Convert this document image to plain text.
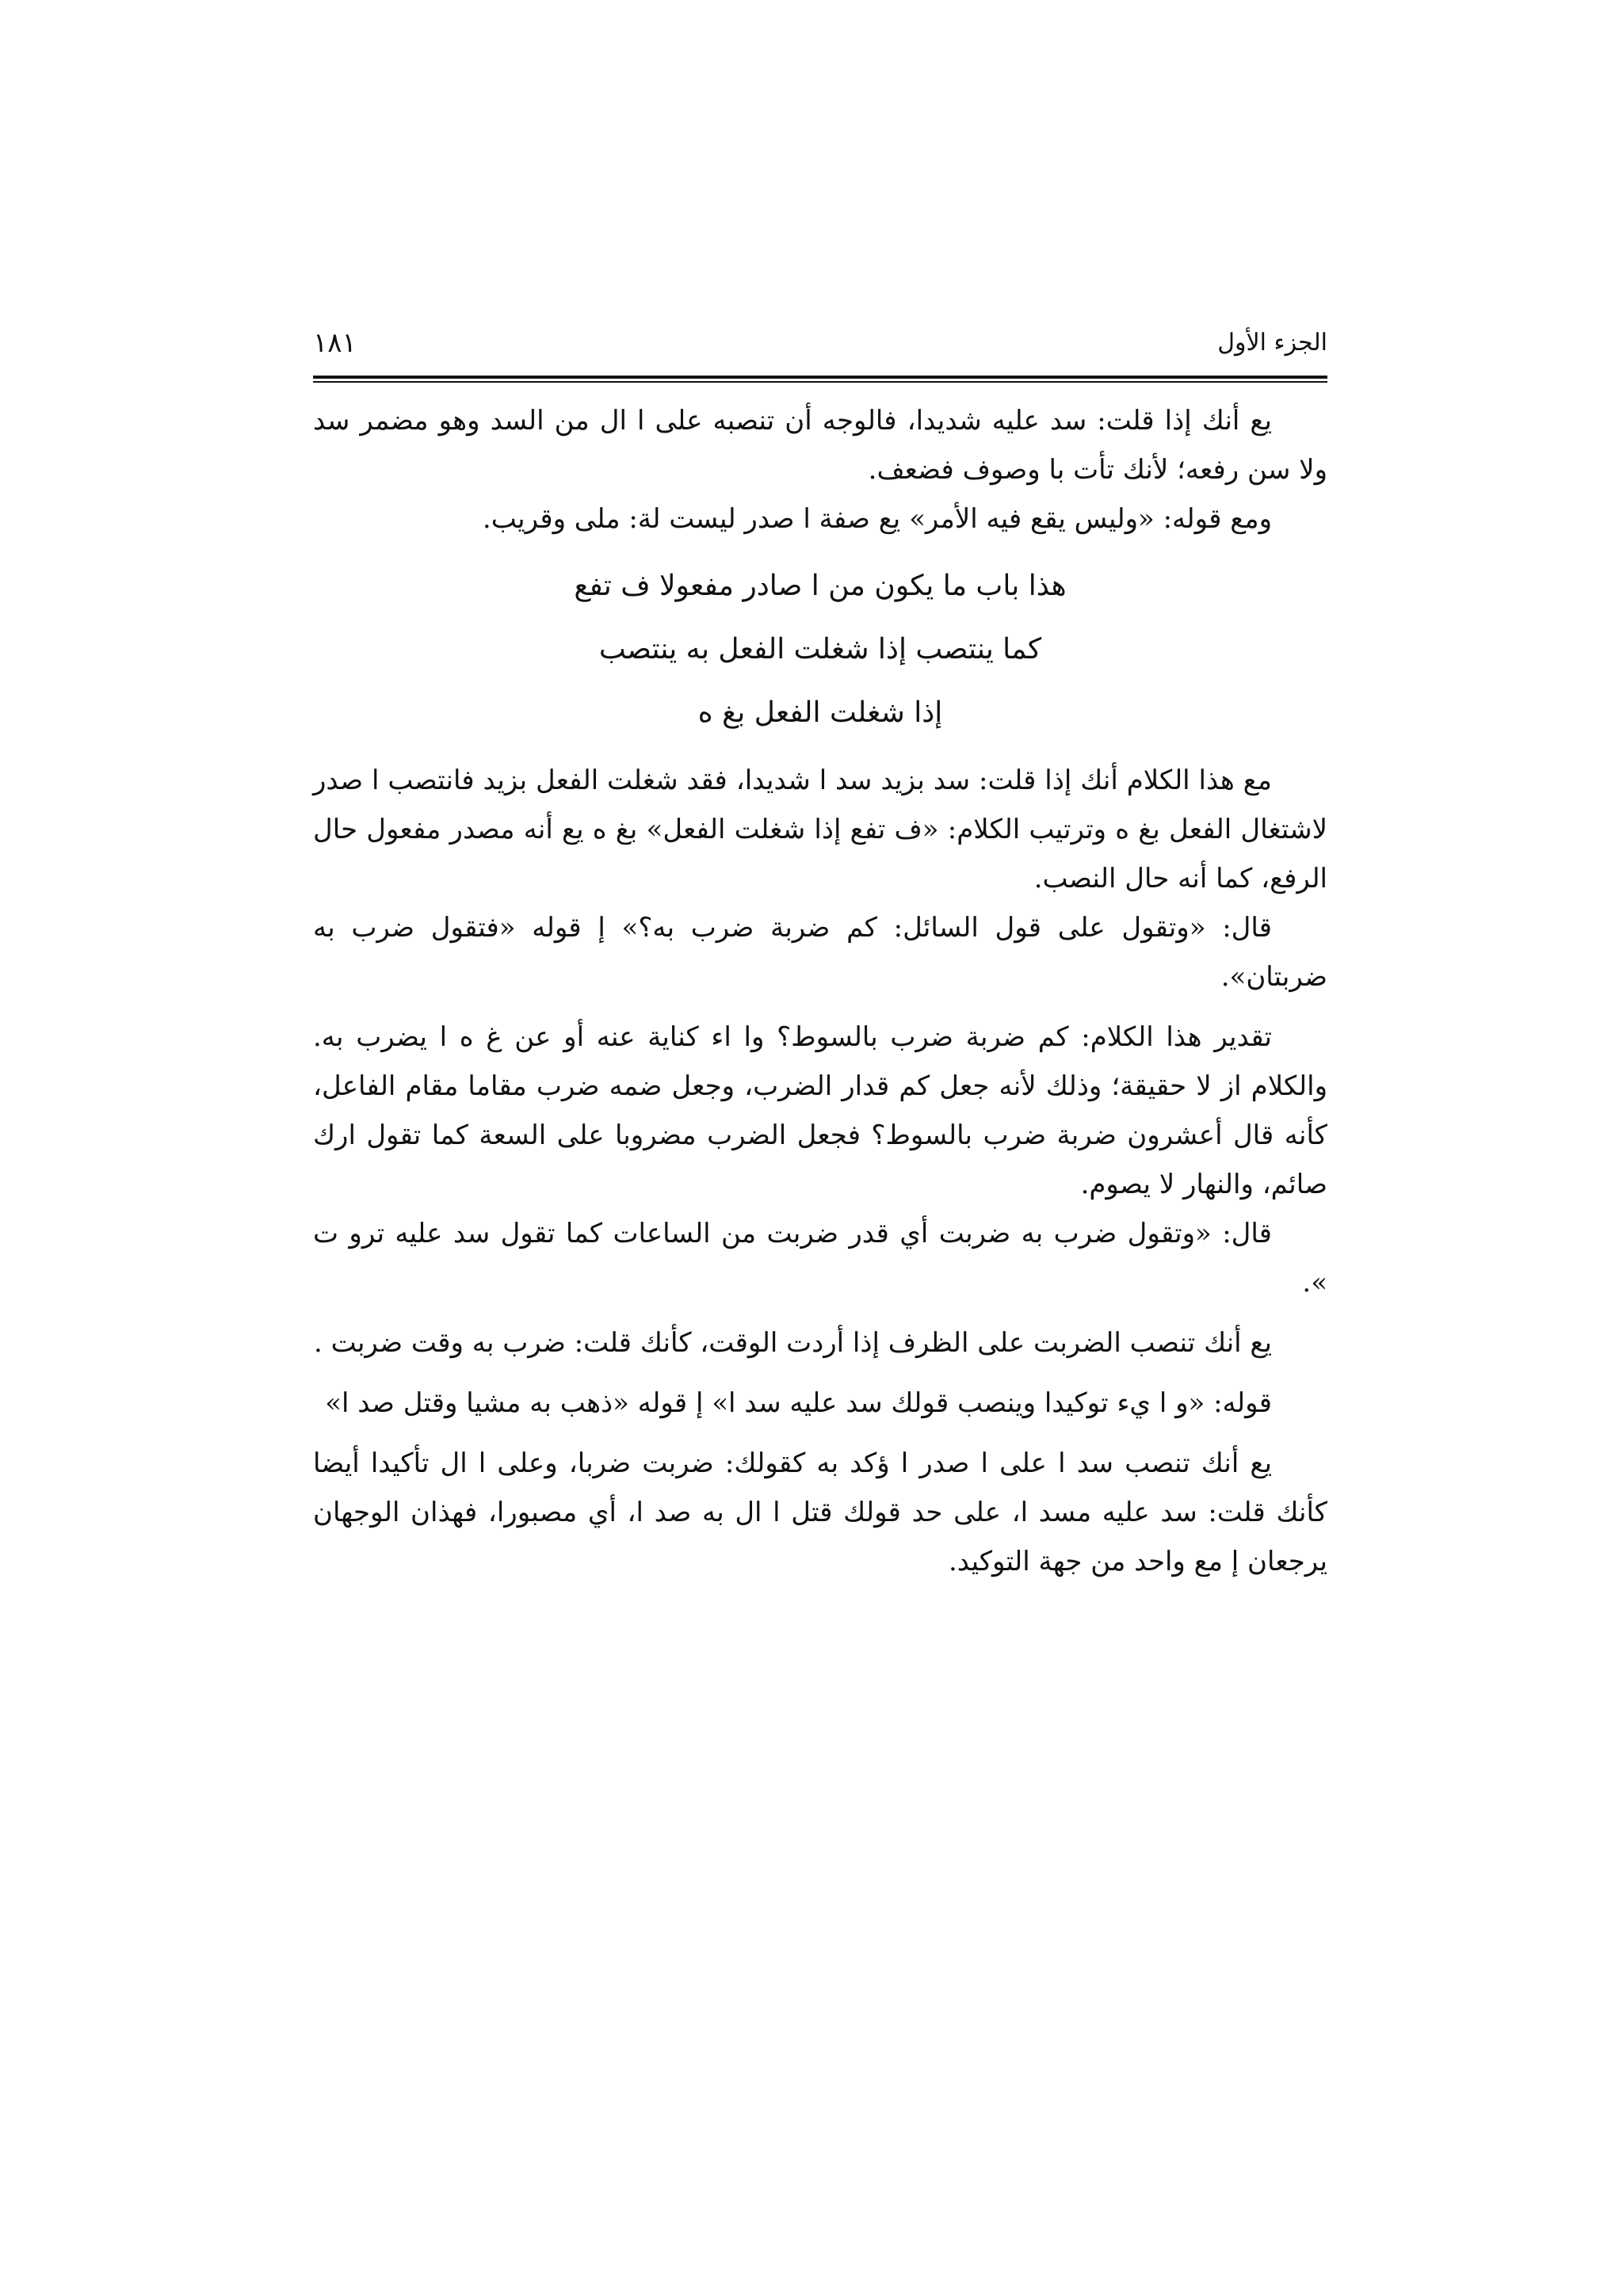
الجزء الأول
١٨١

يع أنك إذا قلت: سد عليه شديدا، فالوجه أن تنصبه على ا ال من السد وهو مضمر سد ولا سن رفعه؛ لأنك تأت با وصوف فضعف.

ومع قوله: «وليس يقع فيه الأمر» يع صفة ا صدر ليست لة: ملى وقريب.

هذا باب ما يكون من ا صادر مفعولا ف تفع

كما ينتصب إذا شغلت الفعل به ينتصب

إذا شغلت الفعل بغ ه

مع هذا الكلام أنك إذا قلت: سد بزيد سد ا شديدا، فقد شغلت الفعل بزيد فانتصب ا صدر لاشتغال الفعل بغ ه وترتيب الكلام: «ف تفع إذا شغلت الفعل» بغ ه يع أنه مصدر مفعول حال الرفع، كما أنه حال النصب.

قال: «وتقول على قول السائل: كم ضربة ضرب به؟» إ قوله «فتقول ضرب به ضربتان».

تقدير هذا الكلام: كم ضربة ضرب بالسوط؟ وا اء كناية عنه أو عن غ ه ا يضرب به. والكلام از لا حقيقة؛ وذلك لأنه جعل كم قدار الضرب، وجعل ضمه ضرب مقاما مقام الفاعل، كأنه قال أعشرون ضربة ضرب بالسوط؟ فجعل الضرب مضروبا على السعة كما تقول ارك صائم، والنهار لا يصوم.

قال: «وتقول ضرب به ضربت أي قدر ضربت من الساعات كما تقول سد عليه ترو ت ».

يع أنك تنصب الضربت على الظرف إذا أردت الوقت، كأنك قلت: ضرب به وقت ضربت .

قوله: «و ا يء توكيدا وينصب قولك سد عليه سد ا» إ قوله «ذهب به مشيا وقتل صد ا»

يع أنك تنصب سد ا على ا صدر ا ؤكد به كقولك: ضربت ضربا، وعلى ا ال تأكيدا أيضا كأنك قلت: سد عليه مسد ا، على حد قولك قتل ا ال به صد ا، أي مصبورا، فهذان الوجهان يرجعان إ مع واحد من جهة التوكيد.
